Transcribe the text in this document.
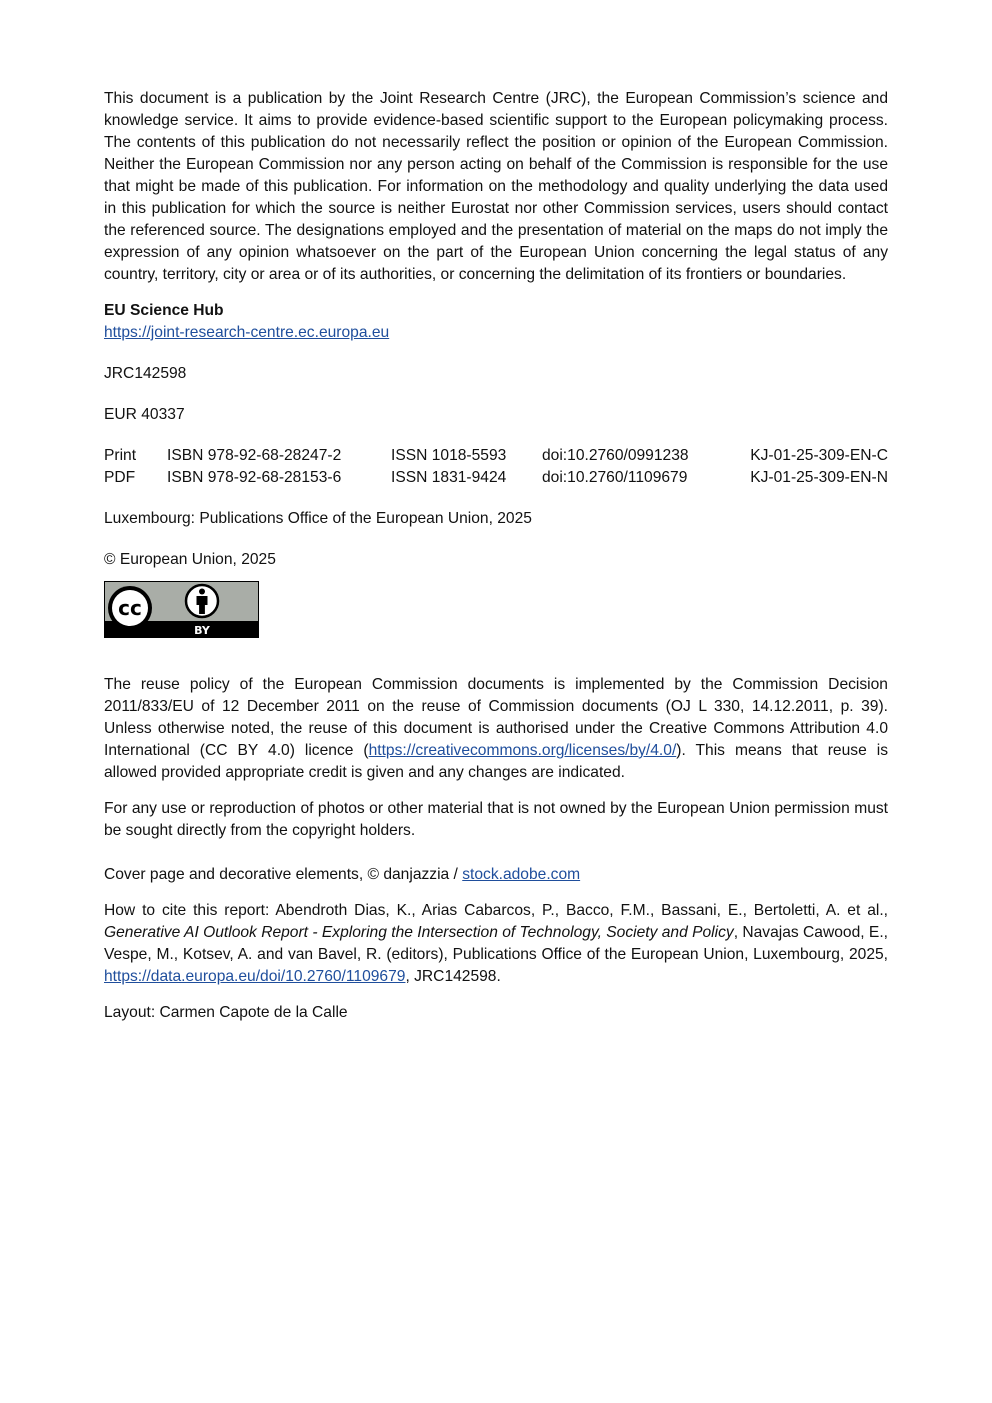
This document is a publication by the Joint Research Centre (JRC), the European Commission’s science and knowledge service. It aims to provide evidence-based scientific support to the European policymaking process. The contents of this publication do not necessarily reflect the position or opinion of the European Commission. Neither the European Commission nor any person acting on behalf of the Commission is responsible for the use that might be made of this publication. For information on the methodology and quality underlying the data used in this publication for which the source is neither Eurostat nor other Commission services, users should contact the referenced source. The designations employed and the presentation of material on the maps do not imply the expression of any opinion whatsoever on the part of the European Union concerning the legal status of any country, territory, city or area or of its authorities, or concerning the delimitation of its frontiers or boundaries.

EU Science Hub

https://joint-research-centre.ec.europa.eu

JRC142598

EUR 40337

Print	ISBN 978-92-68-28247-2	ISSN 1018-5593	doi:10.2760/0991238	KJ-01-25-309-EN-C
PDF	ISBN 978-92-68-28153-6	ISSN 1831-9424	doi:10.2760/1109679	KJ-01-25-309-EN-N

Luxembourg: Publications Office of the European Union, 2025

© European Union, 2025

cc
BY

The reuse policy of the European Commission documents is implemented by the Commission Decision 2011/833/EU of 12 December 2011 on the reuse of Commission documents (OJ L 330, 14.12.2011, p. 39). Unless otherwise noted, the reuse of this document is authorised under the Creative Commons Attribution 4.0 International (CC BY 4.0) licence (https://creativecommons.org/licenses/by/4.0/). This means that reuse is allowed provided appropriate credit is given and any changes are indicated.

For any use or reproduction of photos or other material that is not owned by the European Union permission must be sought directly from the copyright holders.

Cover page and decorative elements, © danjazzia / stock.adobe.com

How to cite this report: Abendroth Dias, K., Arias Cabarcos, P., Bacco, F.M., Bassani, E., Bertoletti, A. et al., Generative AI Outlook Report - Exploring the Intersection of Technology, Society and Policy, Navajas Cawood, E., Vespe, M., Kotsev, A. and van Bavel, R. (editors), Publications Office of the European Union, Luxembourg, 2025, https://data.europa.eu/doi/10.2760/1109679, JRC142598.

Layout: Carmen Capote de la Calle
